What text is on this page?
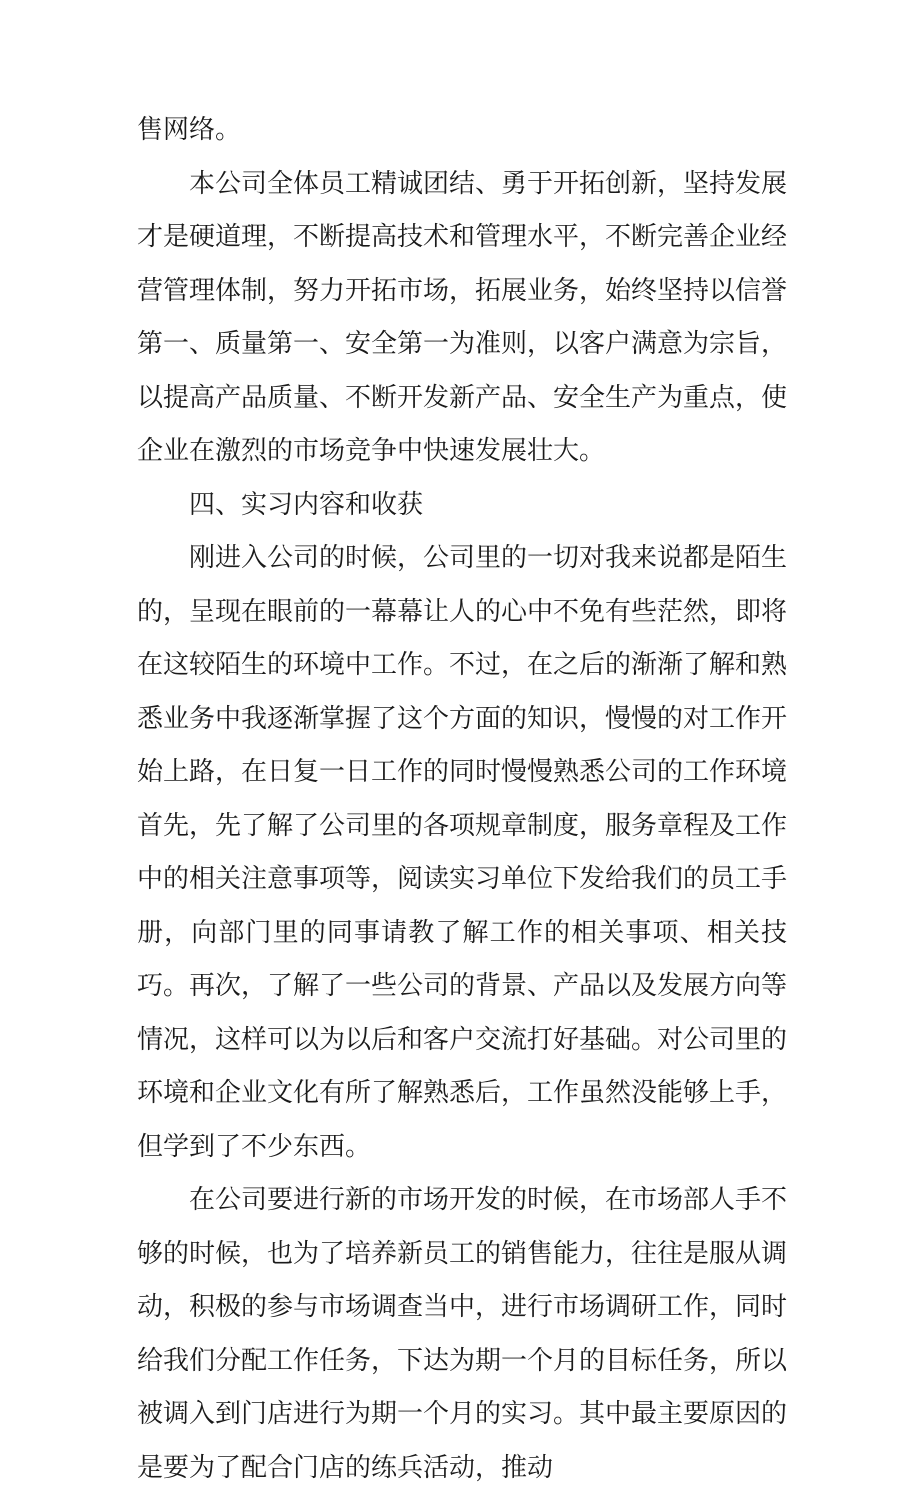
售网络。

本公司全体员工精诚团结、勇于开拓创新，坚持发展才是硬道理，不断提高技术和管理水平，不断完善企业经营管理体制，努力开拓市场，拓展业务，始终坚持以信誉第一、质量第一、安全第一为准则，以客户满意为宗旨，以提高产品质量、不断开发新产品、安全生产为重点，使企业在激烈的市场竞争中快速发展壮大。

四、实习内容和收获

刚进入公司的时候，公司里的一切对我来说都是陌生的，呈现在眼前的一幕幕让人的心中不免有些茫然，即将在这较陌生的环境中工作。不过，在之后的渐渐了解和熟悉业务中我逐渐掌握了这个方面的知识，慢慢的对工作开始上路，在日复一日工作的同时慢慢熟悉公司的工作环境首先，先了解了公司里的各项规章制度，服务章程及工作中的相关注意事项等，阅读实习单位下发给我们的员工手册，向部门里的同事请教了解工作的相关事项、相关技巧。再次，了解了一些公司的背景、产品以及发展方向等情况，这样可以为以后和客户交流打好基础。对公司里的环境和企业文化有所了解熟悉后，工作虽然没能够上手，但学到了不少东西。

在公司要进行新的市场开发的时候，在市场部人手不够的时候，也为了培养新员工的销售能力，往往是服从调动，积极的参与市场调查当中，进行市场调研工作，同时给我们分配工作任务，下达为期一个月的目标任务，所以被调入到门店进行为期一个月的实习。其中最主要原因的是要为了配合门店的练兵活动，推动
